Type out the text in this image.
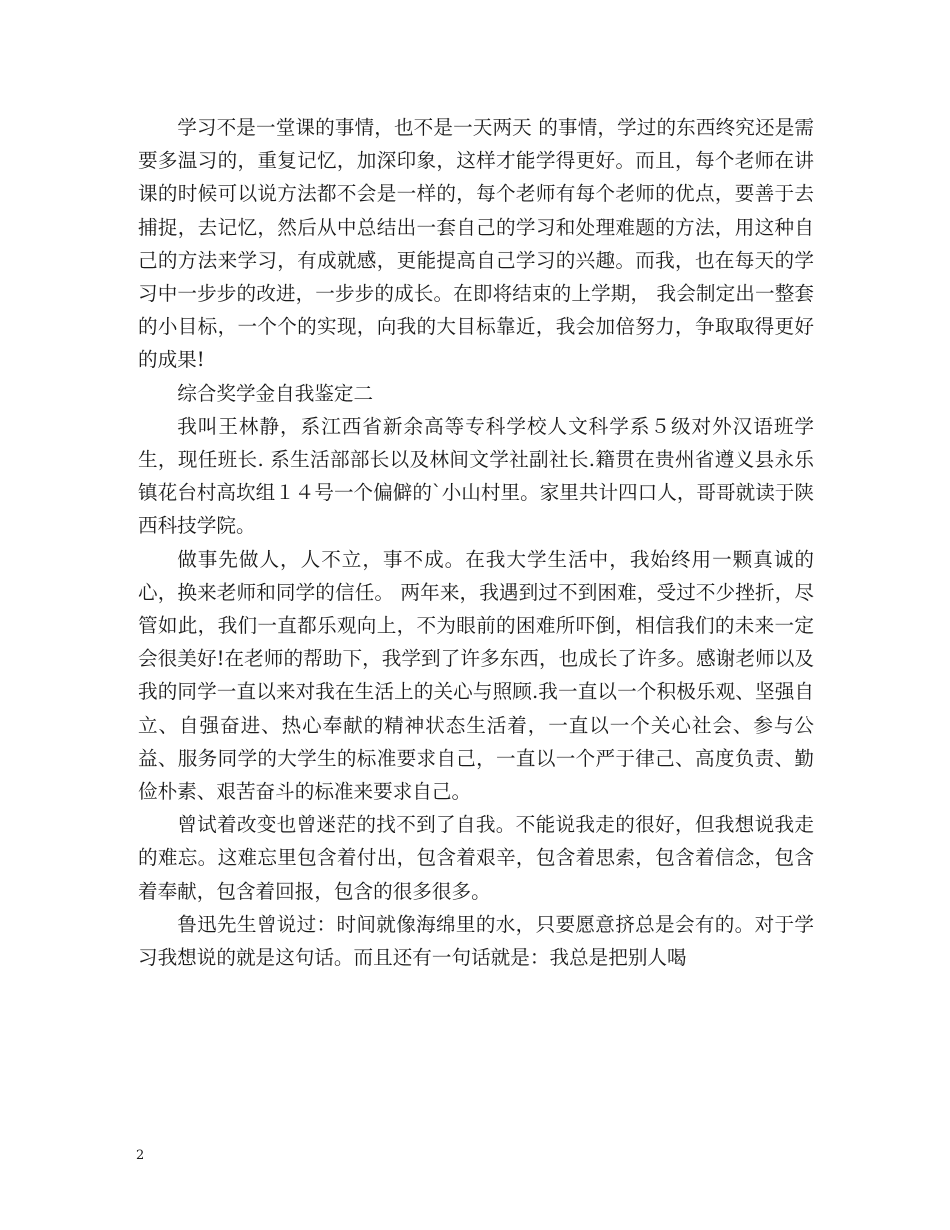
学习不是一堂课的事情，也不是一天两天 的事情，学过的东西终究还是需要多温习的，重复记忆，加深印象，这样才能学得更好。而且，每个老师在讲课的时候可以说方法都不会是一样的，每个老师有每个老师的优点，要善于去捕捉，去记忆，然后从中总结出一套自己的学习和处理难题的方法，用这种自己的方法来学习，有成就感，更能提高自己学习的兴趣。而我，也在每天的学习中一步步的改进，一步步的成长。在即将结束的上学期， 我会制定出一整套的小目标，一个个的实现，向我的大目标靠近，我会加倍努力，争取取得更好的成果!

综合奖学金自我鉴定二

我叫王林静，系江西省新余高等专科学校人文科学系５级对外汉语班学生，现任班长. 系生活部部长以及林间文学社副社长.籍贯在贵州省遵义县永乐镇花台村高坎组１４号一个偏僻的`小山村里。家里共计四口人，哥哥就读于陕西科技学院。

做事先做人，人不立，事不成。在我大学生活中，我始终用一颗真诚的心，换来老师和同学的信任。 两年来，我遇到过不到困难，受过不少挫折，尽管如此，我们一直都乐观向上，不为眼前的困难所吓倒，相信我们的未来一定会很美好!在老师的帮助下，我学到了许多东西，也成长了许多。感谢老师以及我的同学一直以来对我在生活上的关心与照顾.我一直以一个积极乐观、坚强自立、自强奋进、热心奉献的精神状态生活着，一直以一个关心社会、参与公益、服务同学的大学生的标准要求自己，一直以一个严于律己、高度负责、勤俭朴素、艰苦奋斗的标准来要求自己。

曾试着改变也曾迷茫的找不到了自我。不能说我走的很好，但我想说我走的难忘。这难忘里包含着付出，包含着艰辛，包含着思索，包含着信念，包含着奉献，包含着回报，包含的很多很多。

鲁迅先生曾说过：时间就像海绵里的水，只要愿意挤总是会有的。对于学习我想说的就是这句话。而且还有一句话就是：我总是把别人喝

2
